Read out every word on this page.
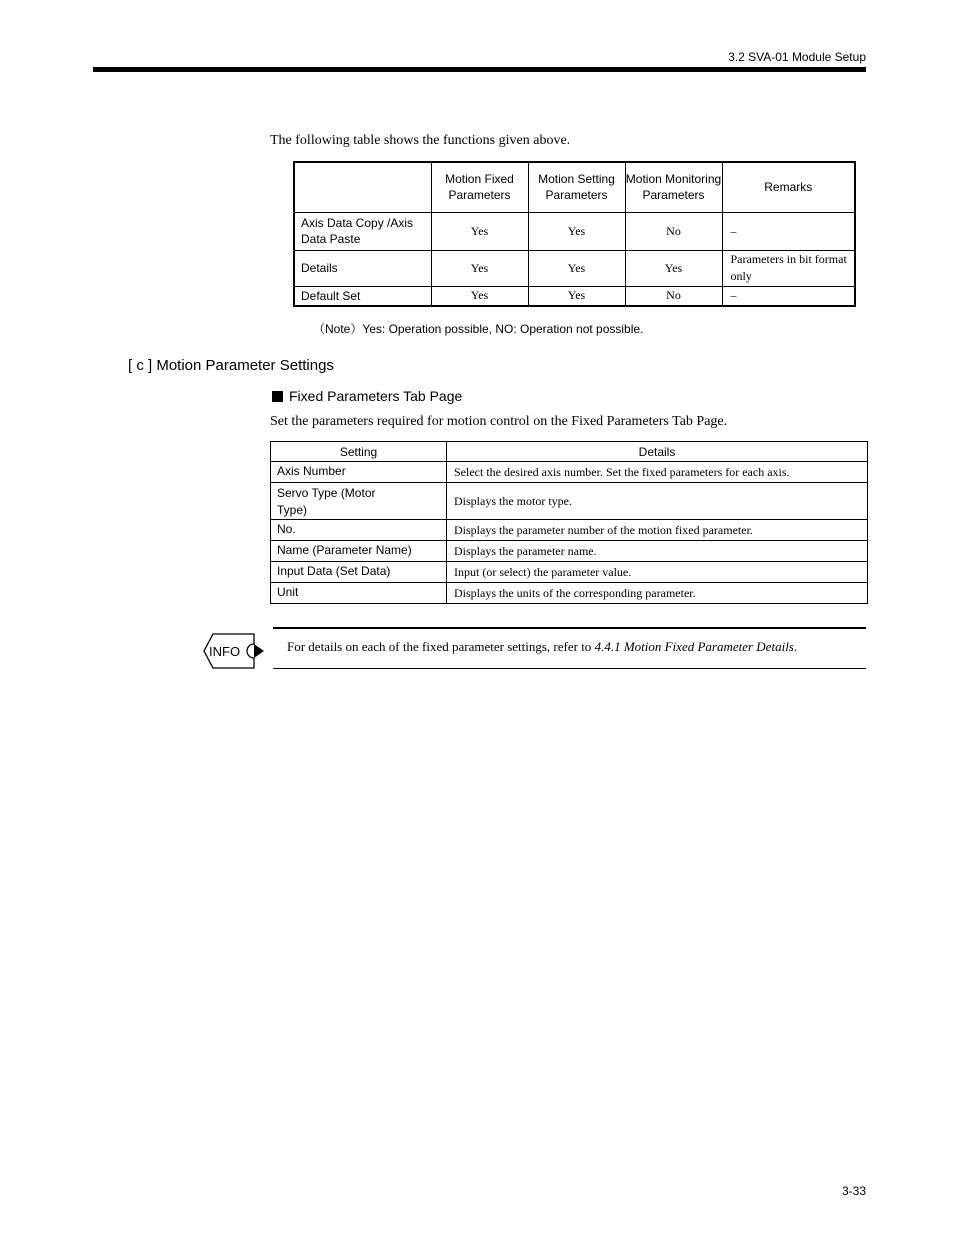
3.2 SVA-01 Module Setup
The following table shows the functions given above.
	Motion Fixed Parameters	Motion Setting Parameters	Motion Monitoring Parameters	Remarks
Axis Data Copy /Axis Data Paste	Yes	Yes	No	–
Details	Yes	Yes	Yes	Parameters in bit format only
Default Set	Yes	Yes	No	–
（Note）Yes: Operation possible, NO: Operation not possible.
[ c ] Motion Parameter Settings
Fixed Parameters Tab Page
Set the parameters required for motion control on the Fixed Parameters Tab Page.
Setting	Details
Axis Number	Select the desired axis number. Set the fixed parameters for each axis.
Servo Type (Motor Type)	Displays the motor type.
No.	Displays the parameter number of the motion fixed parameter.
Name (Parameter Name)	Displays the parameter name.
Input Data (Set Data)	Input (or select) the parameter value.
Unit	Displays the units of the corresponding parameter.
INFO	For details on each of the fixed parameter settings, refer to 4.4.1 Motion Fixed Parameter Details.
3-33
